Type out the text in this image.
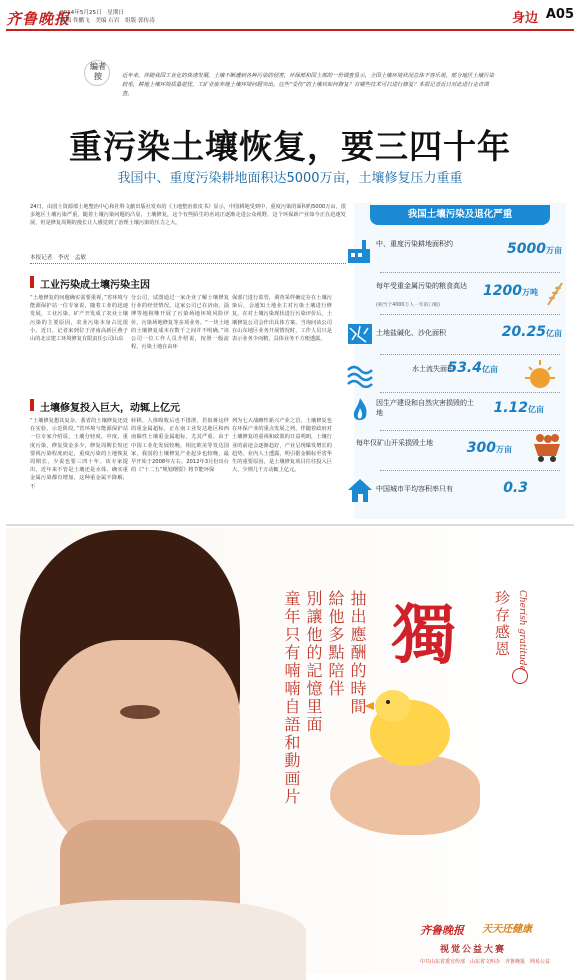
齐鲁晚报
2014年5月25日　星期日
编辑 佟鹏飞　美编 石岩　组版 郭传涛	身边 A05
编者按	近年来，伴随我国工业化的快速发展，土壤不断遭到各种污染的侵害，环保部和国土部的一份调查显示，全国土壤环境状况总体不容乐观，部分地区土壤污染较重，耕地土壤环境质量堪忧，工矿业废弃地土壤环境问题突出。这些“受伤”的土壤该如何修复？有哪些技术可以进行修复？本报记者近日对此进行走访调查。
重污染土壤恢复，要三四十年
我国中、重度污染耕地面积达5000万亩，土壤修复压力重重
24日，由国土资源部土地整治中心和社科文献出版社发布的《土地整治蓝皮书》显示，中国耕地受到中、重度污染的面积约5000万亩，很多地区土壤污染严重，随着土壤污染问题的凸显，土壤修复，这个有些陌生的名词正逐渐走进公众视野，这个环保新产业如今正在迅速发展，但是修复周期的漫长让人感觉到了治理土壤污染的压力之大。
本报记者　李虎　孟敏
工业污染成土壤污染主因
“土地修复的问题确实需要重视，”省环境与能源保护站一位专家说，随着工业的迅速发展，工业污染，矿产开发成了农业土壤污染的主要原因，农业污染本身占比很小。近日，记者来到位于济南高新区燕子山的北京建工环境修复有限责任公司山东
分公司，试图通过一家企业了解土壤修复行业的经营情况，这家公司已在济南，淄博等地相继开展了污染场地环境风险评价，污染场地修复等多项业务。“一块土地的土壤修复成本在数千之间并不明确，”该公司一位工作人员介绍说，按照一般流程，污染土地在由环
保部门进行监管，调查采样确定存在土壤污染后，会通知土地业主对污染土壤进行修复，在对土壤污染现状进行污染评价后，土壤修复公司会作出具体方案。当询问该公司在山东地区业务开展情况时，工作人员只是表示业务少而精，具体业务不方便透露。
土壤修复投入巨大，动辄上亿元
“土壤修复想其复杂，我省的土壤修复还处在实验，示范阶段，”省环境与能源保护站一位专家介绍说，土壤分轻度，中度，重度污染，修复资金多少，修复周期长短还要视污染程度而定，重度污染的土地恢复周期长，少说也要三四十年。该专家提出，近年来不管是土壤还是水体，确实重金属污染都有增加，这种重金属不降解，不
转移，人体吸收后也不排泄，若似蒋这样的重金属超标，正在南工业发达地区和西南躲性土壤重金属超标，尤其严重。由于中国工业化发展较晚，相比欧美等发达国家，我国的土壤修复产业起步也较晚，最早开始于2008年左右。2012年3月份出台的《“十二五”规划纲要》将节能环保
列为七大战略性新兴产业之首，土壤修复也在环保产业的重点发展之列，伴随着政府对土壤修复的重视和政策的日益明朗，土壤行业的前途会逐渐趋好，产业呈现爆发增长的趋势。业内人士透露，明引据金额标至省华生的重要原因，是土壤修复项目往往投入巨大，少则几千万动辄上亿元。
我国土壤污染及退化严重
中、重度污染耕地面积约	5000万亩
每年受重金属污染的粮食高达	1200万吨
(相当于4000万人一年的口粮)
土地盐碱化、沙化面积	20.25亿亩
水土流失面积
53.4亿亩
因生产建设和自然灾害损毁的土地	1.12亿亩
每年仅矿山开采损毁土地	300万亩
中国城市平均容积率只有	0.3
獨 珍存感恩 Cherish gratitude
抽出應酬的時間
給他多點陪伴
別讓他的記憶里面
童年只有喃喃自語和動画片
齐鲁晚报 天天还健康
视觉公益大赛
中共山东省委宣传部　山东省文明办　齐鲁晚报　网易公益
